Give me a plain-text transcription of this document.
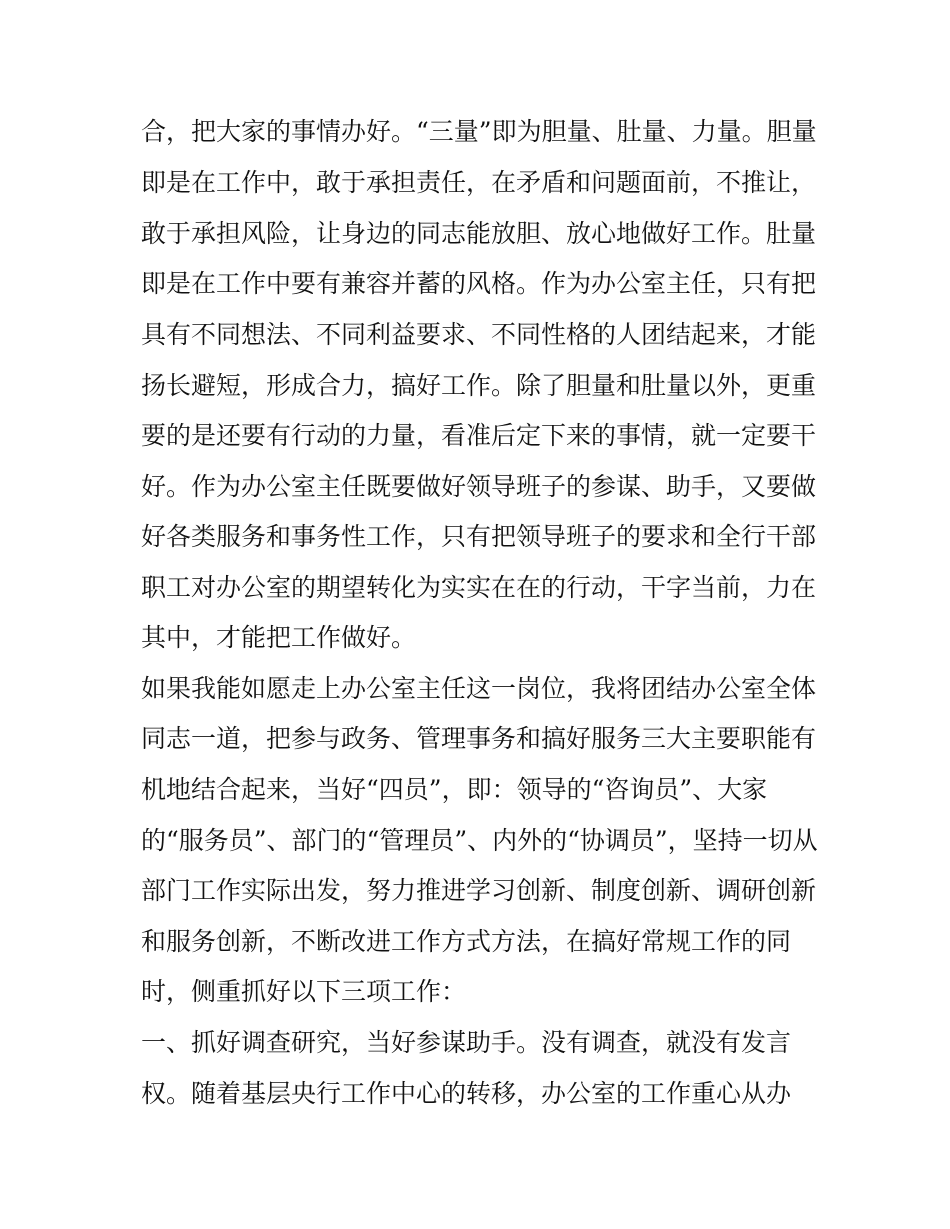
合，把大家的事情办好。“三量”即为胆量、肚量、力量。胆量
即是在工作中，敢于承担责任，在矛盾和问题面前，不推让，
敢于承担风险，让身边的同志能放胆、放心地做好工作。肚量
即是在工作中要有兼容并蓄的风格。作为办公室主任，只有把
具有不同想法、不同利益要求、不同性格的人团结起来，才能
扬长避短，形成合力，搞好工作。除了胆量和肚量以外，更重
要的是还要有行动的力量，看准后定下来的事情，就一定要干
好。作为办公室主任既要做好领导班子的参谋、助手，又要做
好各类服务和事务性工作，只有把领导班子的要求和全行干部
职工对办公室的期望转化为实实在在的行动，干字当前，力在
其中，才能把工作做好。
如果我能如愿走上办公室主任这一岗位，我将团结办公室全体
同志一道，把参与政务、管理事务和搞好服务三大主要职能有
机地结合起来，当好“四员”，即：领导的“咨询员”、大家
的“服务员”、部门的“管理员”、内外的“协调员”，坚持一切从
部门工作实际出发，努力推进学习创新、制度创新、调研创新
和服务创新，不断改进工作方式方法，在搞好常规工作的同
时，侧重抓好以下三项工作：
一、抓好调查研究，当好参谋助手。没有调查，就没有发言
权。随着基层央行工作中心的转移，办公室的工作重心从办
